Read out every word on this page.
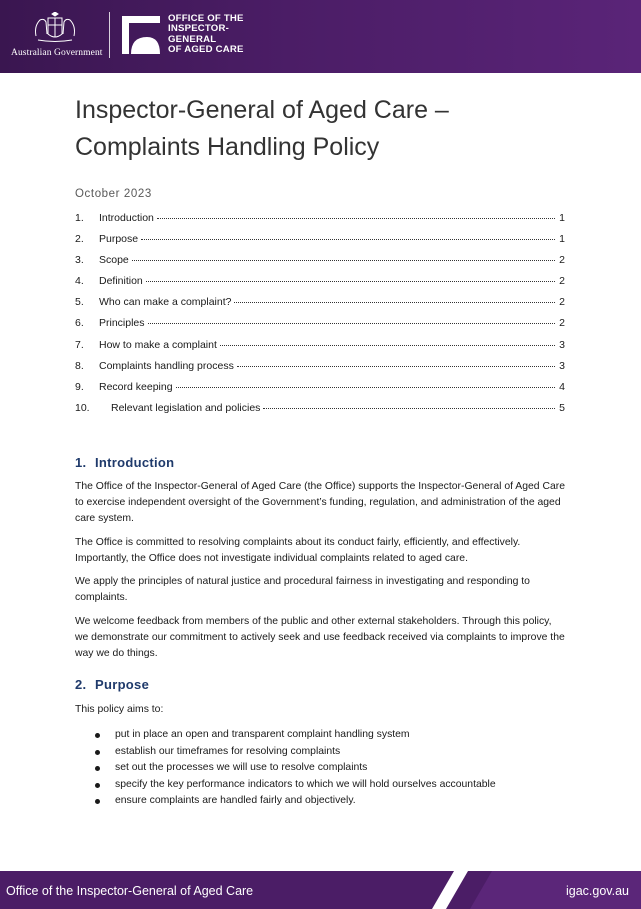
Australian Government
OFFICE OF THE
INSPECTOR-
GENERAL
OF AGED CARE
Inspector-General of Aged Care –
Complaints Handling Policy
October 2023
1.	Introduction	1
2.	Purpose	1
3.	Scope	2
4.	Definition	2
5.	Who can make a complaint?	2
6.	Principles	2
7.	How to make a complaint	3
8.	Complaints handling process	3
9.	Record keeping	4
10.	Relevant legislation and policies	5
1. Introduction

The Office of the Inspector-General of Aged Care (the Office) supports the Inspector-General of Aged Care to exercise independent oversight of the Government’s funding, regulation, and administration of the aged care system.

The Office is committed to resolving complaints about its conduct fairly, efficiently, and effectively. Importantly, the Office does not investigate individual complaints related to aged care.

We apply the principles of natural justice and procedural fairness in investigating and responding to complaints.

We welcome feedback from members of the public and other external stakeholders. Through this policy, we demonstrate our commitment to actively seek and use feedback received via complaints to improve the way we do things.

2. Purpose

This policy aims to:

put in place an open and transparent complaint handling system
establish our timeframes for resolving complaints
set out the processes we will use to resolve complaints
specify the key performance indicators to which we will hold ourselves accountable
ensure complaints are handled fairly and objectively.
Office of the Inspector-General of Aged Care	igac.gov.au
